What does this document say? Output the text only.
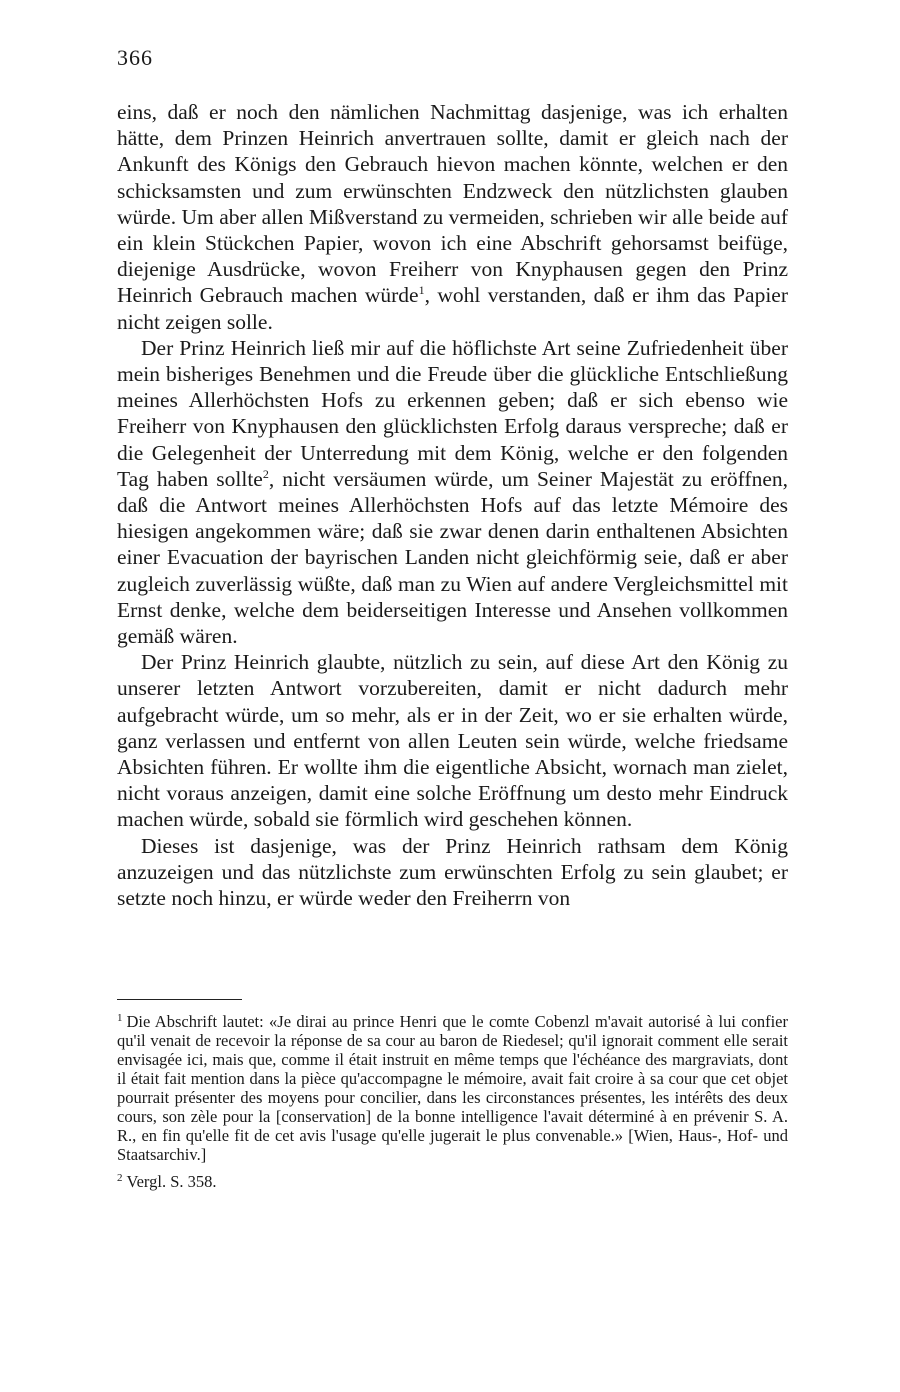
366

eins, daß er noch den nämlichen Nachmittag dasjenige, was ich erhalten hätte, dem Prinzen Heinrich anvertrauen sollte, damit er gleich nach der Ankunft des Königs den Gebrauch hievon machen könnte, welchen er den schicksamsten und zum erwünschten Endzweck den nützlichsten glauben würde. Um aber allen Mißverstand zu vermeiden, schrieben wir alle beide auf ein klein Stückchen Papier, wovon ich eine Abschrift gehorsamst beifüge, diejenige Ausdrücke, wovon Freiherr von Knyphausen gegen den Prinz Heinrich Gebrauch machen würde$^1$, wohl verstanden, daß er ihm das Papier nicht zeigen solle.

Der Prinz Heinrich ließ mir auf die höflichste Art seine Zufriedenheit über mein bisheriges Benehmen und die Freude über die glückliche Entschließung meines Allerhöchsten Hofs zu erkennen geben; daß er sich ebenso wie Freiherr von Knyphausen den glücklichsten Erfolg daraus verspreche; daß er die Gelegenheit der Unterredung mit dem König, welche er den folgenden Tag haben sollte$^2$, nicht versäumen würde, um Seiner Majestät zu eröffnen, daß die Antwort meines Allerhöchsten Hofs auf das letzte Mémoire des hiesigen angekommen wäre; daß sie zwar denen darin enthaltenen Absichten einer Evacuation der bayrischen Landen nicht gleichförmig seie, daß er aber zugleich zuverlässig wüßte, daß man zu Wien auf andere Vergleichsmittel mit Ernst denke, welche dem beiderseitigen Interesse und Ansehen vollkommen gemäß wären.

Der Prinz Heinrich glaubte, nützlich zu sein, auf diese Art den König zu unserer letzten Antwort vorzubereiten, damit er nicht dadurch mehr aufgebracht würde, um so mehr, als er in der Zeit, wo er sie erhalten würde, ganz verlassen und entfernt von allen Leuten sein würde, welche friedsame Absichten führen. Er wollte ihm die eigentliche Absicht, wornach man zielet, nicht voraus anzeigen, damit eine solche Eröffnung um desto mehr Eindruck machen würde, sobald sie förmlich wird geschehen können.

Dieses ist dasjenige, was der Prinz Heinrich rathsam dem König anzuzeigen und das nützlichste zum erwünschten Erfolg zu sein glaubet; er setzte noch hinzu, er würde weder den Freiherrn von

$^1$ Die Abschrift lautet: «Je dirai au prince Henri que le comte Cobenzl m'avait autorisé à lui confier qu'il venait de recevoir la réponse de sa cour au baron de Riedesel; qu'il ignorait comment elle serait envisagée ici, mais que, comme il était instruit en même temps que l'échéance des margraviats, dont il était fait mention dans la pièce qu'accompagne le mémoire, avait fait croire à sa cour que cet objet pourrait présenter des moyens pour concilier, dans les circonstances présentes, les intérêts des deux cours, son zèle pour la [conservation] de la bonne intelligence l'avait déterminé à en prévenir S. A. R., en fin qu'elle fit de cet avis l'usage qu'elle jugerait le plus convenable.» [Wien, Haus-, Hof- und Staatsarchiv.]

$^2$ Vergl. S. 358.
